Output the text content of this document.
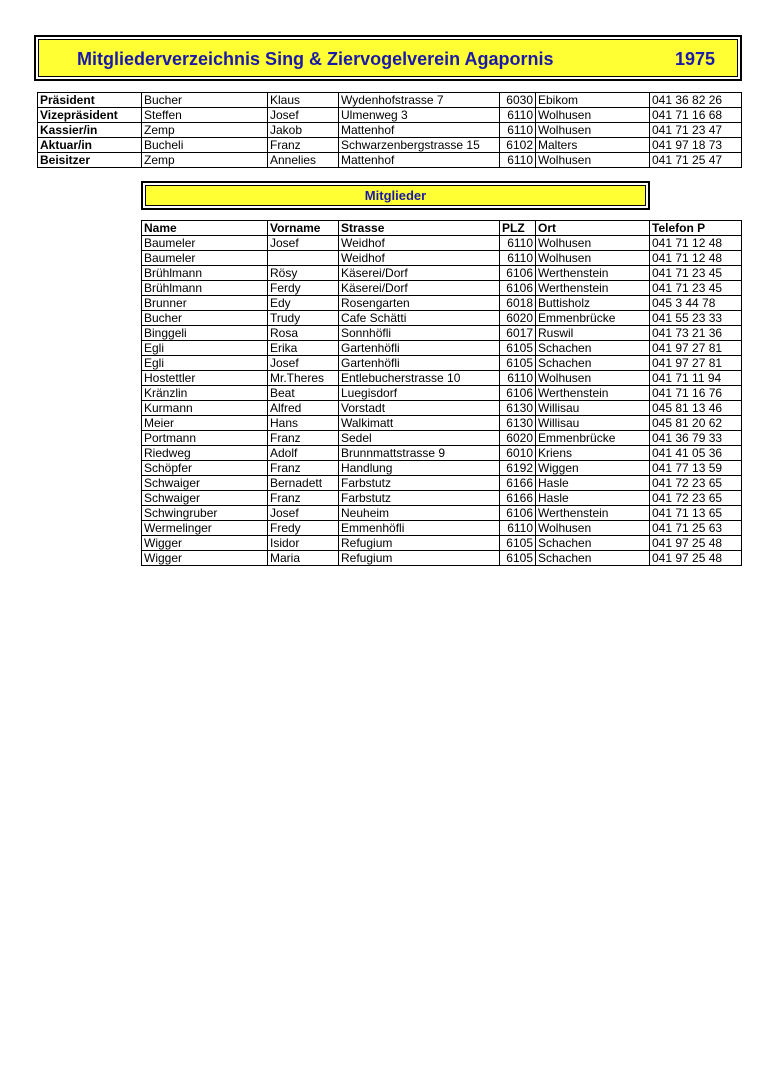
Mitgliederverzeichnis Sing & Ziervogelverein Agapornis	1975
Präsident	Bucher	Klaus	Wydenhofstrasse 7	6030	Ebikom	041 36 82 26
Vizepräsident	Steffen	Josef	Ulmenweg 3	6110	Wolhusen	041 71 16 68
Kassier/in	Zemp	Jakob	Mattenhof	6110	Wolhusen	041 71 23 47
Aktuar/in	Bucheli	Franz	Schwarzenbergstrasse 15	6102	Malters	041 97 18 73
Beisitzer	Zemp	Annelies	Mattenhof	6110	Wolhusen	041 71 25 47
Mitglieder
Name	Vorname	Strasse	PLZ	Ort	Telefon P
Baumeler	Josef	Weidhof	6110	Wolhusen	041 71 12 48
Baumeler		Weidhof	6110	Wolhusen	041 71 12 48
Brühlmann	Rösy	Käserei/Dorf	6106	Werthenstein	041 71 23 45
Brühlmann	Ferdy	Käserei/Dorf	6106	Werthenstein	041 71 23 45
Brunner	Edy	Rosengarten	6018	Buttisholz	045 3 44 78
Bucher	Trudy	Cafe Schätti	6020	Emmenbrücke	041 55 23 33
Binggeli	Rosa	Sonnhöfli	6017	Ruswil	041 73 21 36
Egli	Erika	Gartenhöfli	6105	Schachen	041 97 27 81
Egli	Josef	Gartenhöfli	6105	Schachen	041 97 27 81
Hostettler	Mr.Theres	Entlebucherstrasse 10	6110	Wolhusen	041 71 11 94
Kränzlin	Beat	Luegisdorf	6106	Werthenstein	041 71 16 76
Kurmann	Alfred	Vorstadt	6130	Willisau	045 81 13 46
Meier	Hans	Walkimatt	6130	Willisau	045 81 20 62
Portmann	Franz	Sedel	6020	Emmenbrücke	041 36 79 33
Riedweg	Adolf	Brunnmattstrasse 9	6010	Kriens	041 41 05 36
Schöpfer	Franz	Handlung	6192	Wiggen	041 77 13 59
Schwaiger	Bernadett	Farbstutz	6166	Hasle	041 72 23 65
Schwaiger	Franz	Farbstutz	6166	Hasle	041 72 23 65
Schwingruber	Josef	Neuheim	6106	Werthenstein	041 71 13 65
Wermelinger	Fredy	Emmenhöfli	6110	Wolhusen	041 71 25 63
Wigger	Isidor	Refugium	6105	Schachen	041 97 25 48
Wigger	Maria	Refugium	6105	Schachen	041 97 25 48
